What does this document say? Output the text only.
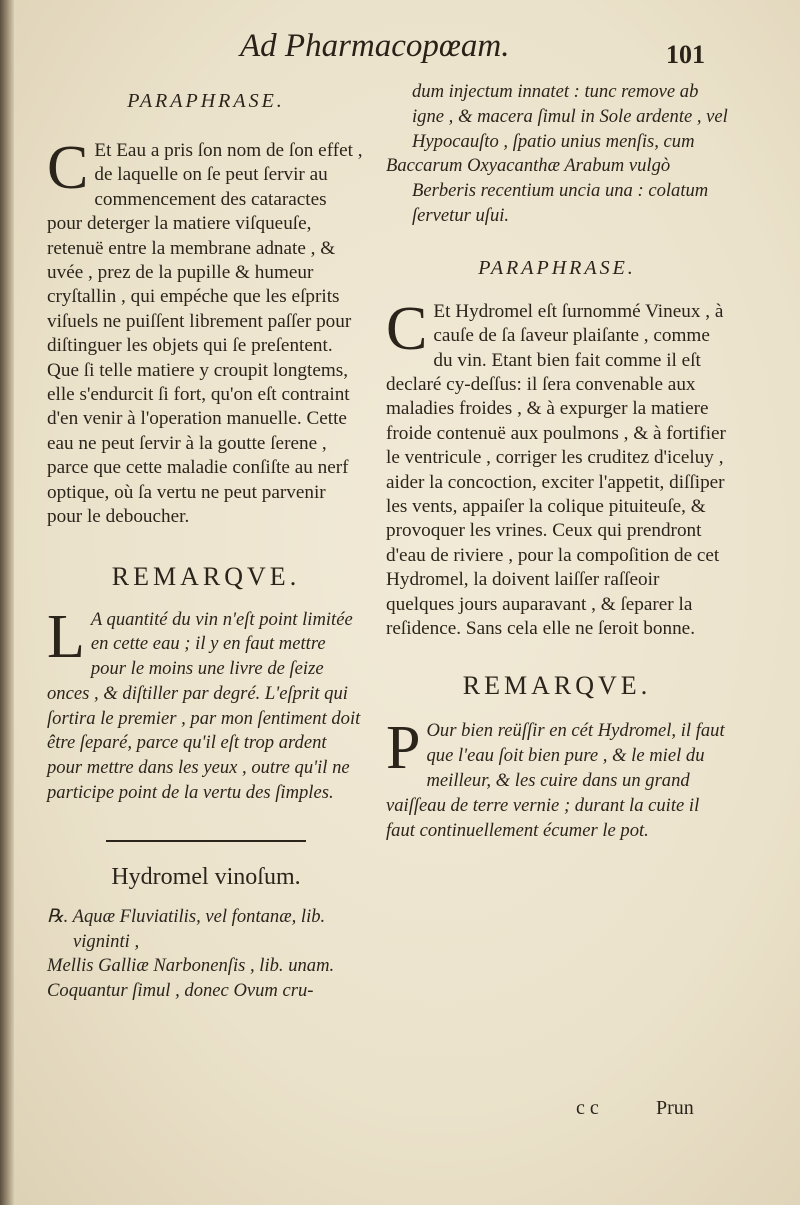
Ad Pharmacopœam.	101

PARAPHRASE.

C Et Eau a pris ſon nom de ſon effet , de laquelle on ſe peut ſervir au commencement des cataractes pour deterger la matiere viſqueuſe, retenuë entre la membrane adnate , & uvée , prez de la pupille & humeur cryſtallin , qui empéche que les eſprits viſuels ne puiſſent librement paſſer pour diſtinguer les objets qui ſe preſentent. Que ſi telle matiere y croupit longtems, elle s'endurcit ſi fort, qu'on eſt contraint d'en venir à l'operation manuelle. Cette eau ne peut ſervir à la goutte ſerene , parce que cette maladie conſiſte au nerf optique, où ſa vertu ne peut parvenir pour le deboucher.

REMARQVE.

L A quantité du vin n'eſt point limitée en cette eau ; il y en faut mettre pour le moins une livre de ſeize onces , & diſtiller par degré. L'eſprit qui ſortira le premier , par mon ſentiment doit être ſeparé, parce qu'il eſt trop ardent pour mettre dans les yeux , outre qu'il ne participe point de la vertu des ſimples.

Hydromel vinoſum.

℞. Aquæ Fluviatilis, vel fontanæ, lib. vigninti ,

Mellis Galliæ Narbonenſis , lib. unam.

Coquantur ſimul , donec Ovum cru-

dum injectum innatet : tunc remove ab igne , & macera ſimul in Sole ardente , vel Hypocauſto , ſpatio unius menſis, cum

Baccarum Oxyacanthæ Arabum vulgò Berberis recentium uncia una : colatum ſervetur uſui.

PARAPHRASE.

C Et Hydromel eſt ſurnommé Vineux , à cauſe de ſa ſaveur plaiſante , comme du vin. Etant bien fait comme il eſt declaré cy-deſſus: il ſera convenable aux maladies froides , & à expurger la matiere froide contenuë aux poulmons , & à fortifier le ventricule , corriger les cruditez d'iceluy , aider la concoction, exciter l'appetit, diſſiper les vents, appaiſer la colique pituiteuſe, & provoquer les vrines. Ceux qui prendront d'eau de riviere , pour la compoſition de cet Hydromel, la doivent laiſſer raſſeoir quelques jours auparavant , & ſeparer la reſidence. Sans cela elle ne ſeroit bonne.

REMARQVE.

P Our bien reüſſir en cét Hydromel, il faut que l'eau ſoit bien pure , & le miel du meilleur, & les cuire dans un grand vaiſſeau de terre vernie ; durant la cuite il faut continuellement écumer le pot.

c c	Prun
